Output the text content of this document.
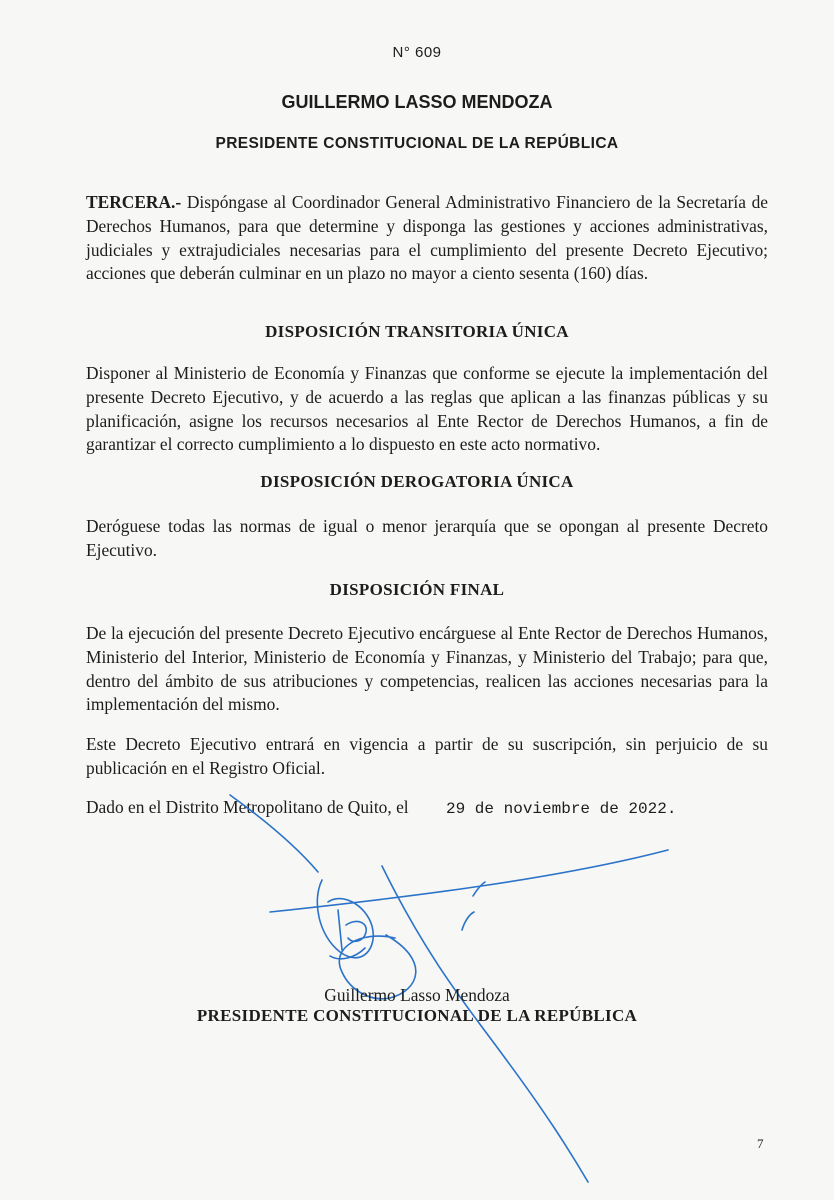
N° 609
GUILLERMO LASSO MENDOZA
PRESIDENTE CONSTITUCIONAL DE LA REPÚBLICA
TERCERA.- Dispóngase al Coordinador General Administrativo Financiero de la Secretaría de Derechos Humanos, para que determine y disponga las gestiones y acciones administrativas, judiciales y extrajudiciales necesarias para el cumplimiento del presente Decreto Ejecutivo; acciones que deberán culminar en un plazo no mayor a ciento sesenta (160) días.
DISPOSICIÓN TRANSITORIA ÚNICA
Disponer al Ministerio de Economía y Finanzas que conforme se ejecute la implementación del presente Decreto Ejecutivo, y de acuerdo a las reglas que aplican a las finanzas públicas y su planificación, asigne los recursos necesarios al Ente Rector de Derechos Humanos, a fin de garantizar el correcto cumplimiento a lo dispuesto en este acto normativo.
DISPOSICIÓN DEROGATORIA ÚNICA
Deróguese todas las normas de igual o menor jerarquía que se opongan al presente Decreto Ejecutivo.
DISPOSICIÓN FINAL
De la ejecución del presente Decreto Ejecutivo encárguese al Ente Rector de Derechos Humanos, Ministerio del Interior, Ministerio de Economía y Finanzas, y Ministerio del Trabajo; para que, dentro del ámbito de sus atribuciones y competencias, realicen las acciones necesarias para la implementación del mismo.
Este Decreto Ejecutivo entrará en vigencia a partir de su suscripción, sin perjuicio de su publicación en el Registro Oficial.
Dado en el Distrito Metropolitano de Quito, el 29 de noviembre de 2022.
Guillermo Lasso Mendoza
PRESIDENTE CONSTITUCIONAL DE LA REPÚBLICA
7
